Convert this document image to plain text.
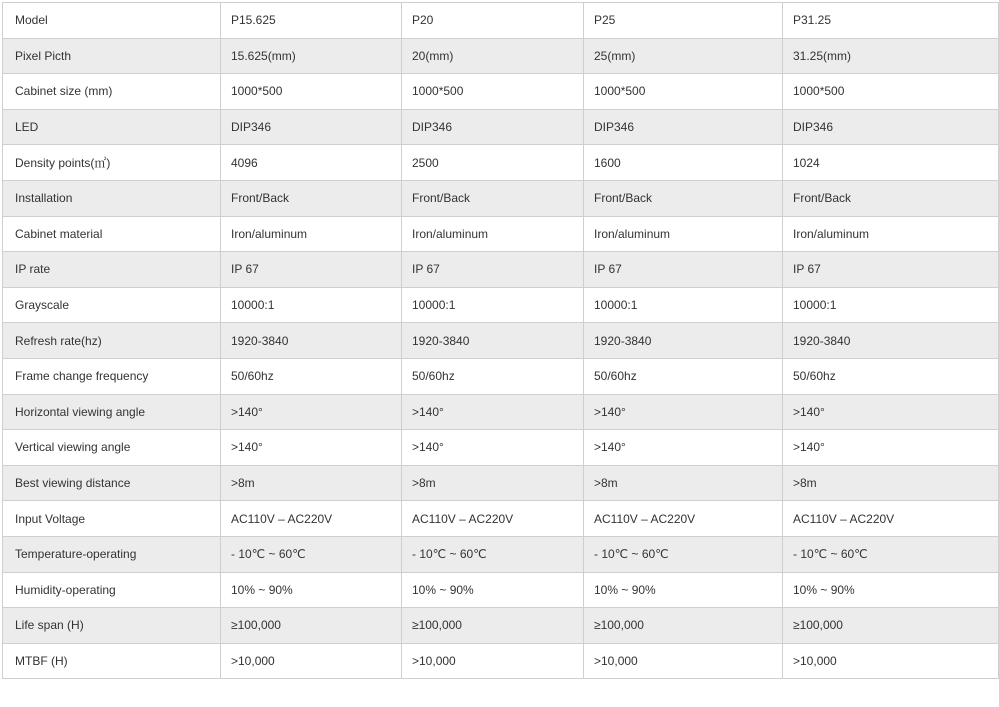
Model	P15.625	P20	P25	P31.25
Pixel Picth	15.625(mm)	20(mm)	25(mm)	31.25(mm)
Cabinet size (mm)	1000*500	1000*500	1000*500	1000*500
LED	DIP346	DIP346	DIP346	DIP346
Density points(㎡)	4096	2500	1600	1024
Installation	Front/Back	Front/Back	Front/Back	Front/Back
Cabinet material	Iron/aluminum	Iron/aluminum	Iron/aluminum	Iron/aluminum
IP rate	IP 67	IP 67	IP 67	IP 67
Grayscale	10000:1	10000:1	10000:1	10000:1
Refresh rate(hz)	1920-3840	1920-3840	1920-3840	1920-3840
Frame change frequency	50/60hz	50/60hz	50/60hz	50/60hz
Horizontal viewing angle	>140°	>140°	>140°	>140°
Vertical viewing angle	>140°	>140°	>140°	>140°
Best viewing distance	>8m	>8m	>8m	>8m
Input Voltage	AC110V – AC220V	AC110V – AC220V	AC110V – AC220V	AC110V – AC220V
Temperature-operating	- 10℃ ~ 60℃	- 10℃ ~ 60℃	- 10℃ ~ 60℃	- 10℃ ~ 60℃
Humidity-operating	10% ~ 90%	10% ~ 90%	10% ~ 90%	10% ~ 90%
Life span (H)	≥100,000	≥100,000	≥100,000	≥100,000
MTBF (H)	>10,000	>10,000	>10,000	>10,000
